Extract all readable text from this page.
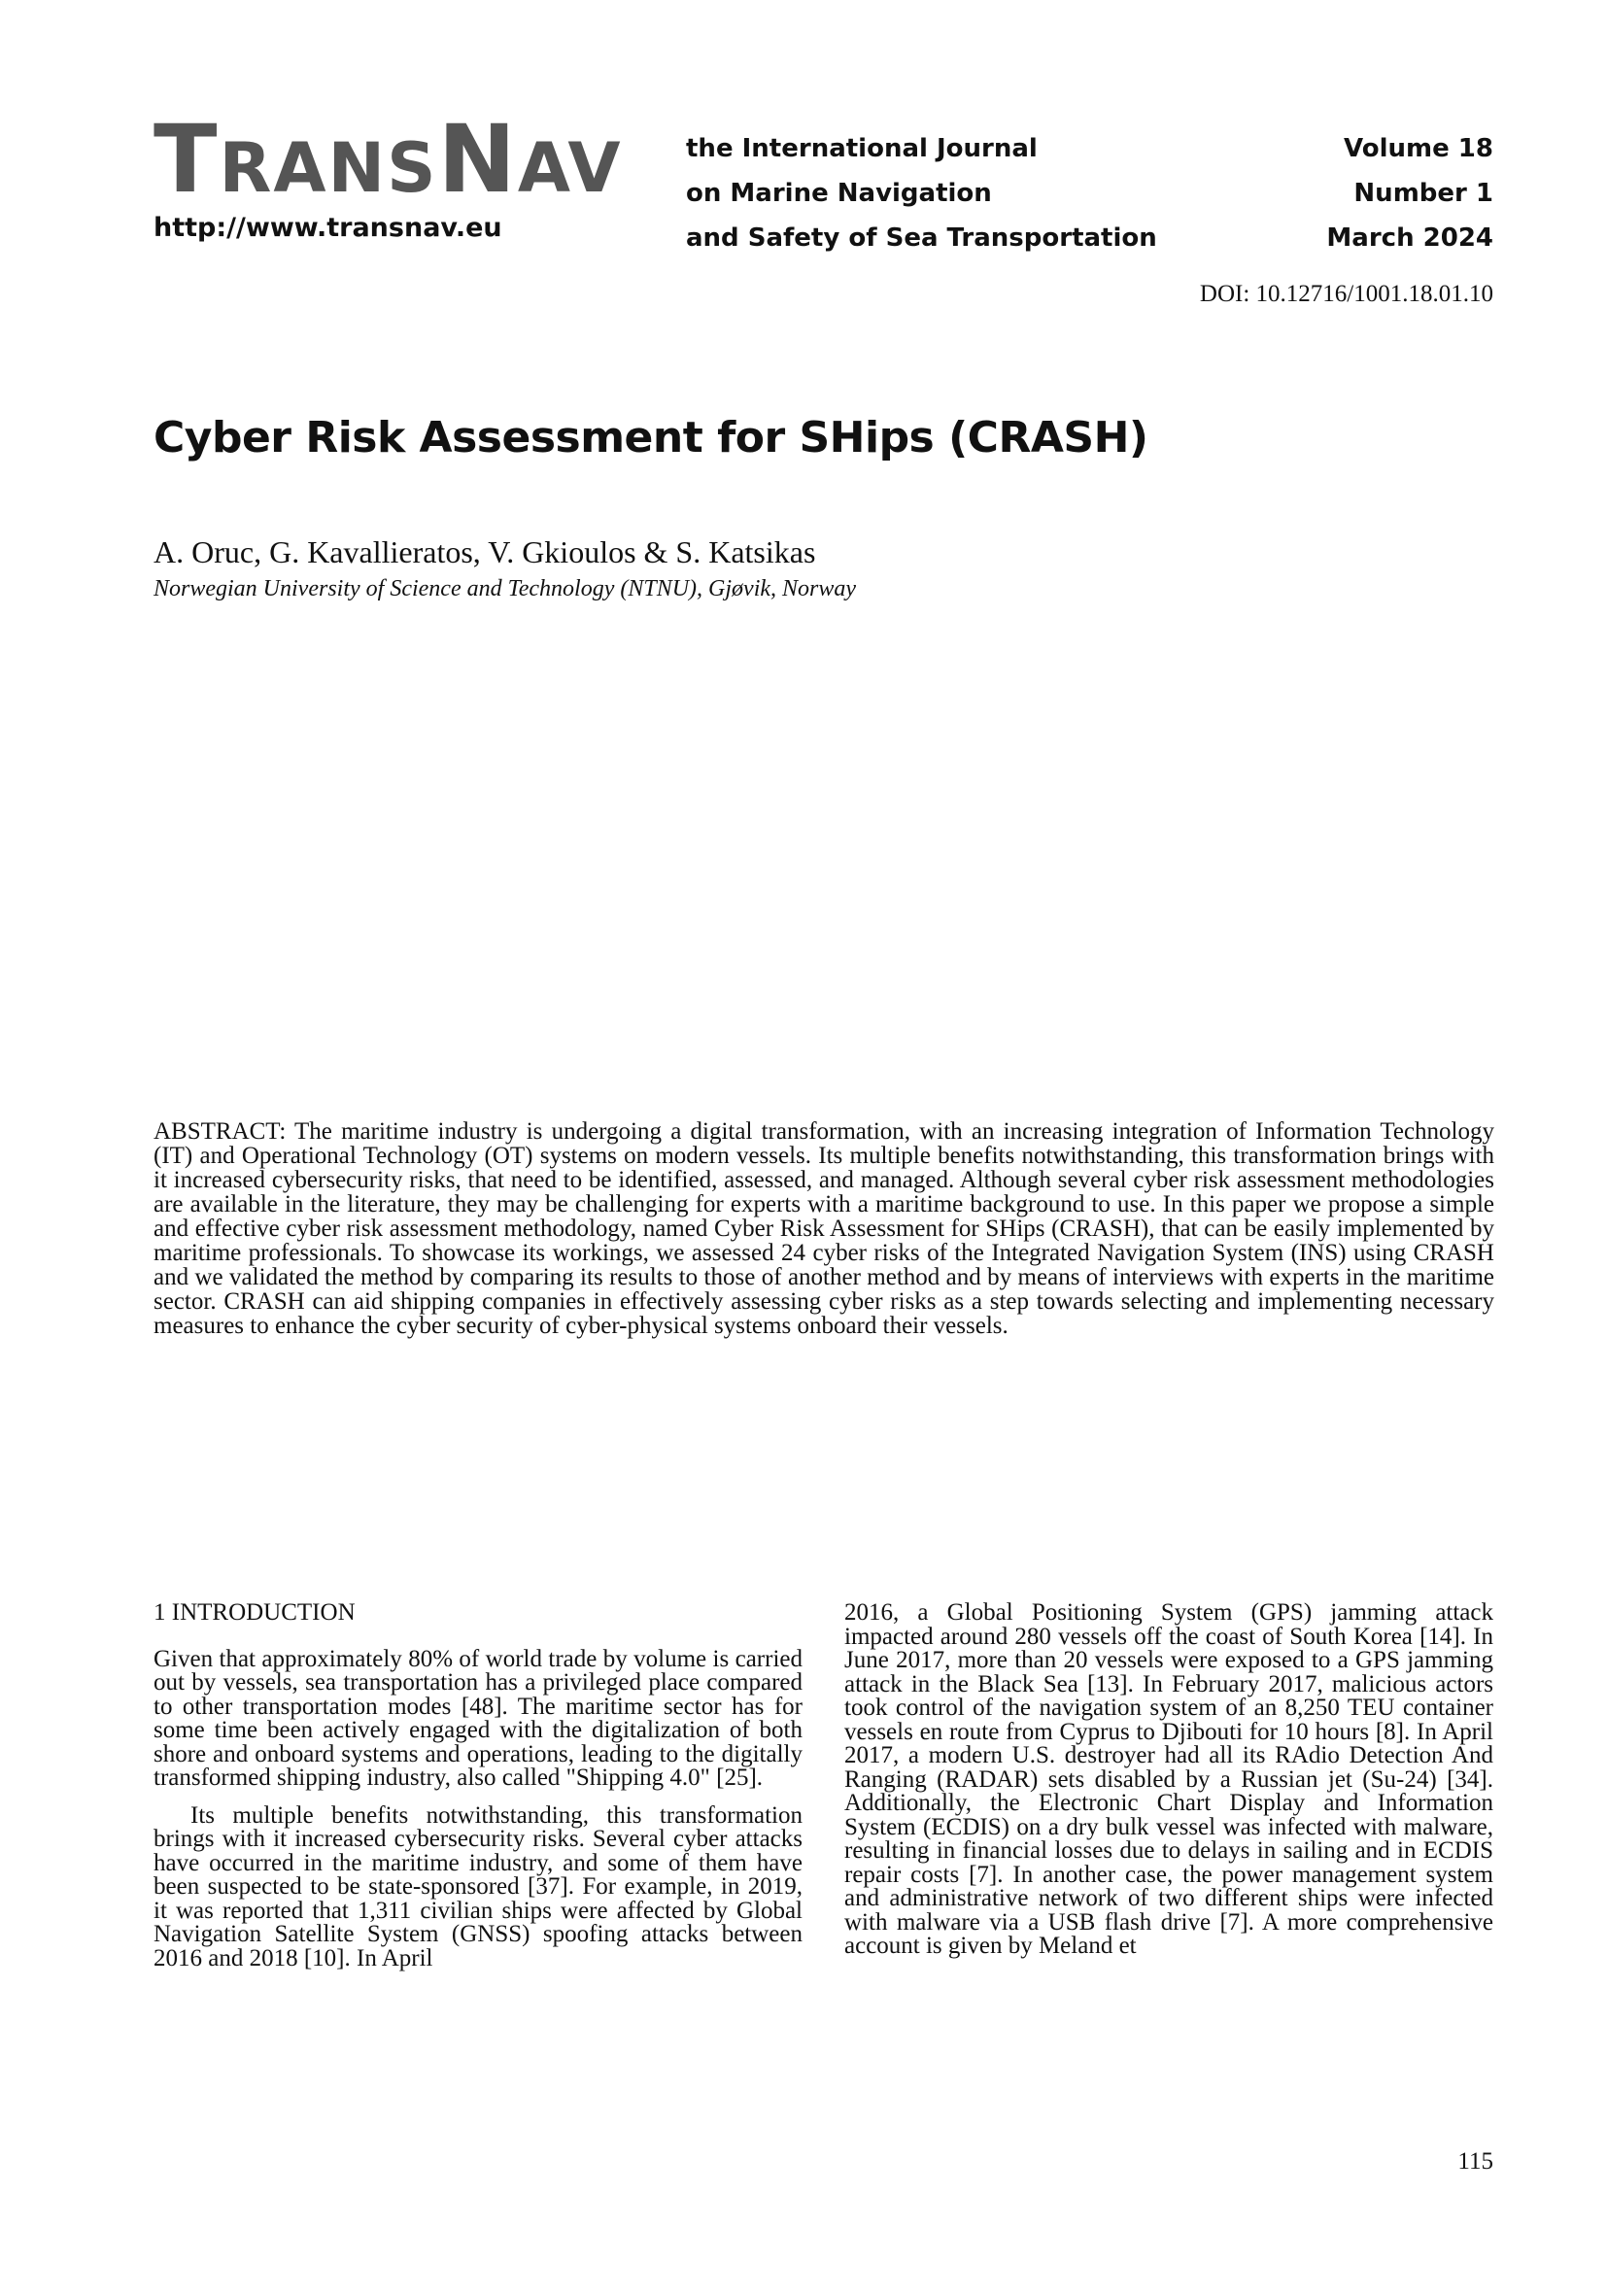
TRANSNAV
http://www.transnav.eu
the International Journal
on Marine Navigation
and Safety of Sea Transportation
Volume 18
Number 1
March 2024
DOI: 10.12716/1001.18.01.10
Cyber Risk Assessment for SHips (CRASH)
A. Oruc, G. Kavallieratos, V. Gkioulos & S. Katsikas
Norwegian University of Science and Technology (NTNU), Gjøvik, Norway

ABSTRACT: The maritime industry is undergoing a digital transformation, with an increasing integration of Information Technology (IT) and Operational Technology (OT) systems on modern vessels. Its multiple benefits notwithstanding, this transformation brings with it increased cybersecurity risks, that need to be identified, assessed, and managed. Although several cyber risk assessment methodologies are available in the literature, they may be challenging for experts with a maritime background to use. In this paper we propose a simple and effective cyber risk assessment methodology, named Cyber Risk Assessment for SHips (CRASH), that can be easily implemented by maritime professionals. To showcase its workings, we assessed 24 cyber risks of the Integrated Navigation System (INS) using CRASH and we validated the method by comparing its results to those of another method and by means of interviews with experts in the maritime sector. CRASH can aid shipping companies in effectively assessing cyber risks as a step towards selecting and implementing necessary measures to enhance the cyber security of cyber-physical systems onboard their vessels.

1 INTRODUCTION

Given that approximately 80% of world trade by volume is carried out by vessels, sea transportation has a privileged place compared to other transportation modes [48]. The maritime sector has for some time been actively engaged with the digitalization of both shore and onboard systems and operations, leading to the digitally transformed shipping industry, also called "Shipping 4.0" [25].

Its multiple benefits notwithstanding, this transformation brings with it increased cybersecurity risks. Several cyber attacks have occurred in the maritime industry, and some of them have been suspected to be state-sponsored [37]. For example, in 2019, it was reported that 1,311 civilian ships were affected by Global Navigation Satellite System (GNSS) spoofing attacks between 2016 and 2018 [10]. In April

2016, a Global Positioning System (GPS) jamming attack impacted around 280 vessels off the coast of South Korea [14]. In June 2017, more than 20 vessels were exposed to a GPS jamming attack in the Black Sea [13]. In February 2017, malicious actors took control of the navigation system of an 8,250 TEU container vessels en route from Cyprus to Djibouti for 10 hours [8]. In April 2017, a modern U.S. destroyer had all its RAdio Detection And Ranging (RADAR) sets disabled by a Russian jet (Su-24) [34]. Additionally, the Electronic Chart Display and Information System (ECDIS) on a dry bulk vessel was infected with malware, resulting in financial losses due to delays in sailing and in ECDIS repair costs [7]. In another case, the power management system and administrative network of two different ships were infected with malware via a USB flash drive [7]. A more comprehensive account is given by Meland et

115
